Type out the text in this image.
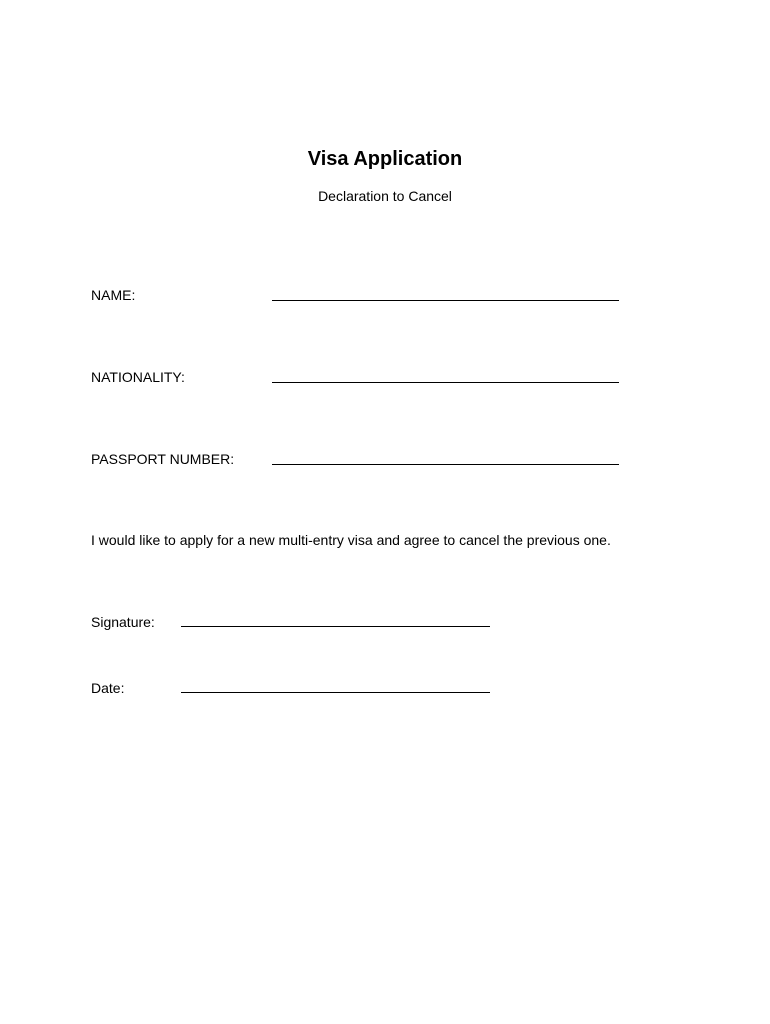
Visa Application
Declaration to Cancel
NAME:
NATIONALITY:
PASSPORT NUMBER:
I would like to apply for a new multi-entry visa and agree to cancel the previous one.
Signature:
Date:
